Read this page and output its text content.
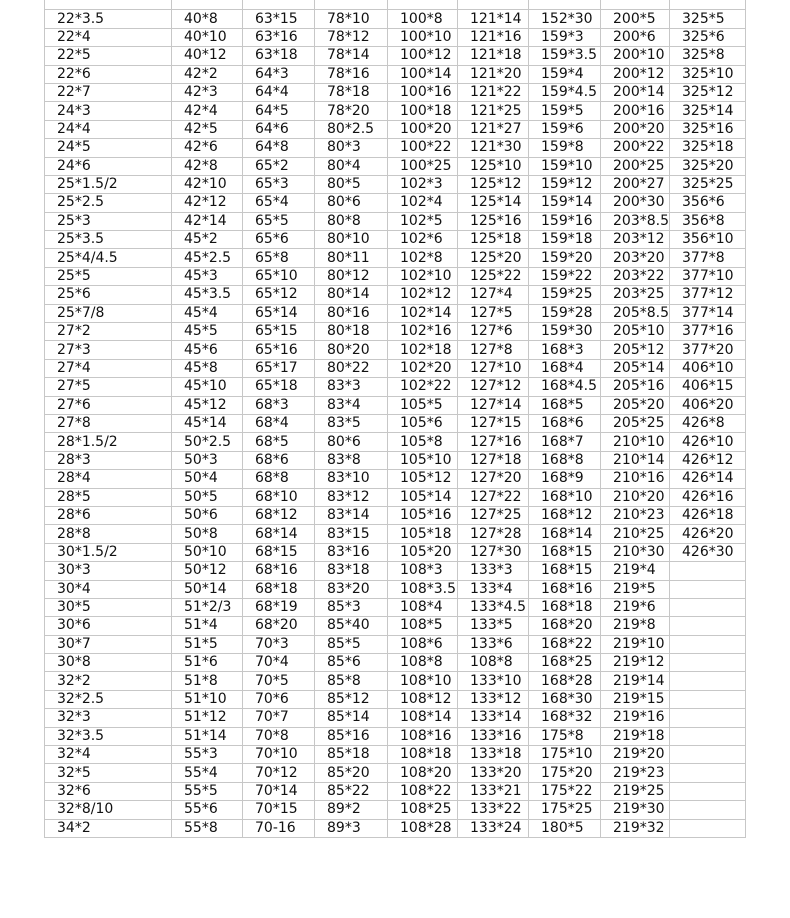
22*3.5	40*8	63*15	78*10	100*8	121*14	152*30	200*5	325*5
22*4	40*10	63*16	78*12	100*10	121*16	159*3	200*6	325*6
22*5	40*12	63*18	78*14	100*12	121*18	159*3.5	200*10	325*8
22*6	42*2	64*3	78*16	100*14	121*20	159*4	200*12	325*10
22*7	42*3	64*4	78*18	100*16	121*22	159*4.5	200*14	325*12
24*3	42*4	64*5	78*20	100*18	121*25	159*5	200*16	325*14
24*4	42*5	64*6	80*2.5	100*20	121*27	159*6	200*20	325*16
24*5	42*6	64*8	80*3	100*22	121*30	159*8	200*22	325*18
24*6	42*8	65*2	80*4	100*25	125*10	159*10	200*25	325*20
25*1.5/2	42*10	65*3	80*5	102*3	125*12	159*12	200*27	325*25
25*2.5	42*12	65*4	80*6	102*4	125*14	159*14	200*30	356*6
25*3	42*14	65*5	80*8	102*5	125*16	159*16	203*8.5	356*8
25*3.5	45*2	65*6	80*10	102*6	125*18	159*18	203*12	356*10
25*4/4.5	45*2.5	65*8	80*11	102*8	125*20	159*20	203*20	377*8
25*5	45*3	65*10	80*12	102*10	125*22	159*22	203*22	377*10
25*6	45*3.5	65*12	80*14	102*12	127*4	159*25	203*25	377*12
25*7/8	45*4	65*14	80*16	102*14	127*5	159*28	205*8.5	377*14
27*2	45*5	65*15	80*18	102*16	127*6	159*30	205*10	377*16
27*3	45*6	65*16	80*20	102*18	127*8	168*3	205*12	377*20
27*4	45*8	65*17	80*22	102*20	127*10	168*4	205*14	406*10
27*5	45*10	65*18	83*3	102*22	127*12	168*4.5	205*16	406*15
27*6	45*12	68*3	83*4	105*5	127*14	168*5	205*20	406*20
27*8	45*14	68*4	83*5	105*6	127*15	168*6	205*25	426*8
28*1.5/2	50*2.5	68*5	80*6	105*8	127*16	168*7	210*10	426*10
28*3	50*3	68*6	83*8	105*10	127*18	168*8	210*14	426*12
28*4	50*4	68*8	83*10	105*12	127*20	168*9	210*16	426*14
28*5	50*5	68*10	83*12	105*14	127*22	168*10	210*20	426*16
28*6	50*6	68*12	83*14	105*16	127*25	168*12	210*23	426*18
28*8	50*8	68*14	83*15	105*18	127*28	168*14	210*25	426*20
30*1.5/2	50*10	68*15	83*16	105*20	127*30	168*15	210*30	426*30
30*3	50*12	68*16	83*18	108*3	133*3	168*15	219*4	
30*4	50*14	68*18	83*20	108*3.5	133*4	168*16	219*5	
30*5	51*2/3	68*19	85*3	108*4	133*4.5	168*18	219*6	
30*6	51*4	68*20	85*40	108*5	133*5	168*20	219*8	
30*7	51*5	70*3	85*5	108*6	133*6	168*22	219*10	
30*8	51*6	70*4	85*6	108*8	108*8	168*25	219*12	
32*2	51*8	70*5	85*8	108*10	133*10	168*28	219*14	
32*2.5	51*10	70*6	85*12	108*12	133*12	168*30	219*15	
32*3	51*12	70*7	85*14	108*14	133*14	168*32	219*16	
32*3.5	51*14	70*8	85*16	108*16	133*16	175*8	219*18	
32*4	55*3	70*10	85*18	108*18	133*18	175*10	219*20	
32*5	55*4	70*12	85*20	108*20	133*20	175*20	219*23	
32*6	55*5	70*14	85*22	108*22	133*21	175*22	219*25	
32*8/10	55*6	70*15	89*2	108*25	133*22	175*25	219*30	
34*2	55*8	70-16	89*3	108*28	133*24	180*5	219*32	
